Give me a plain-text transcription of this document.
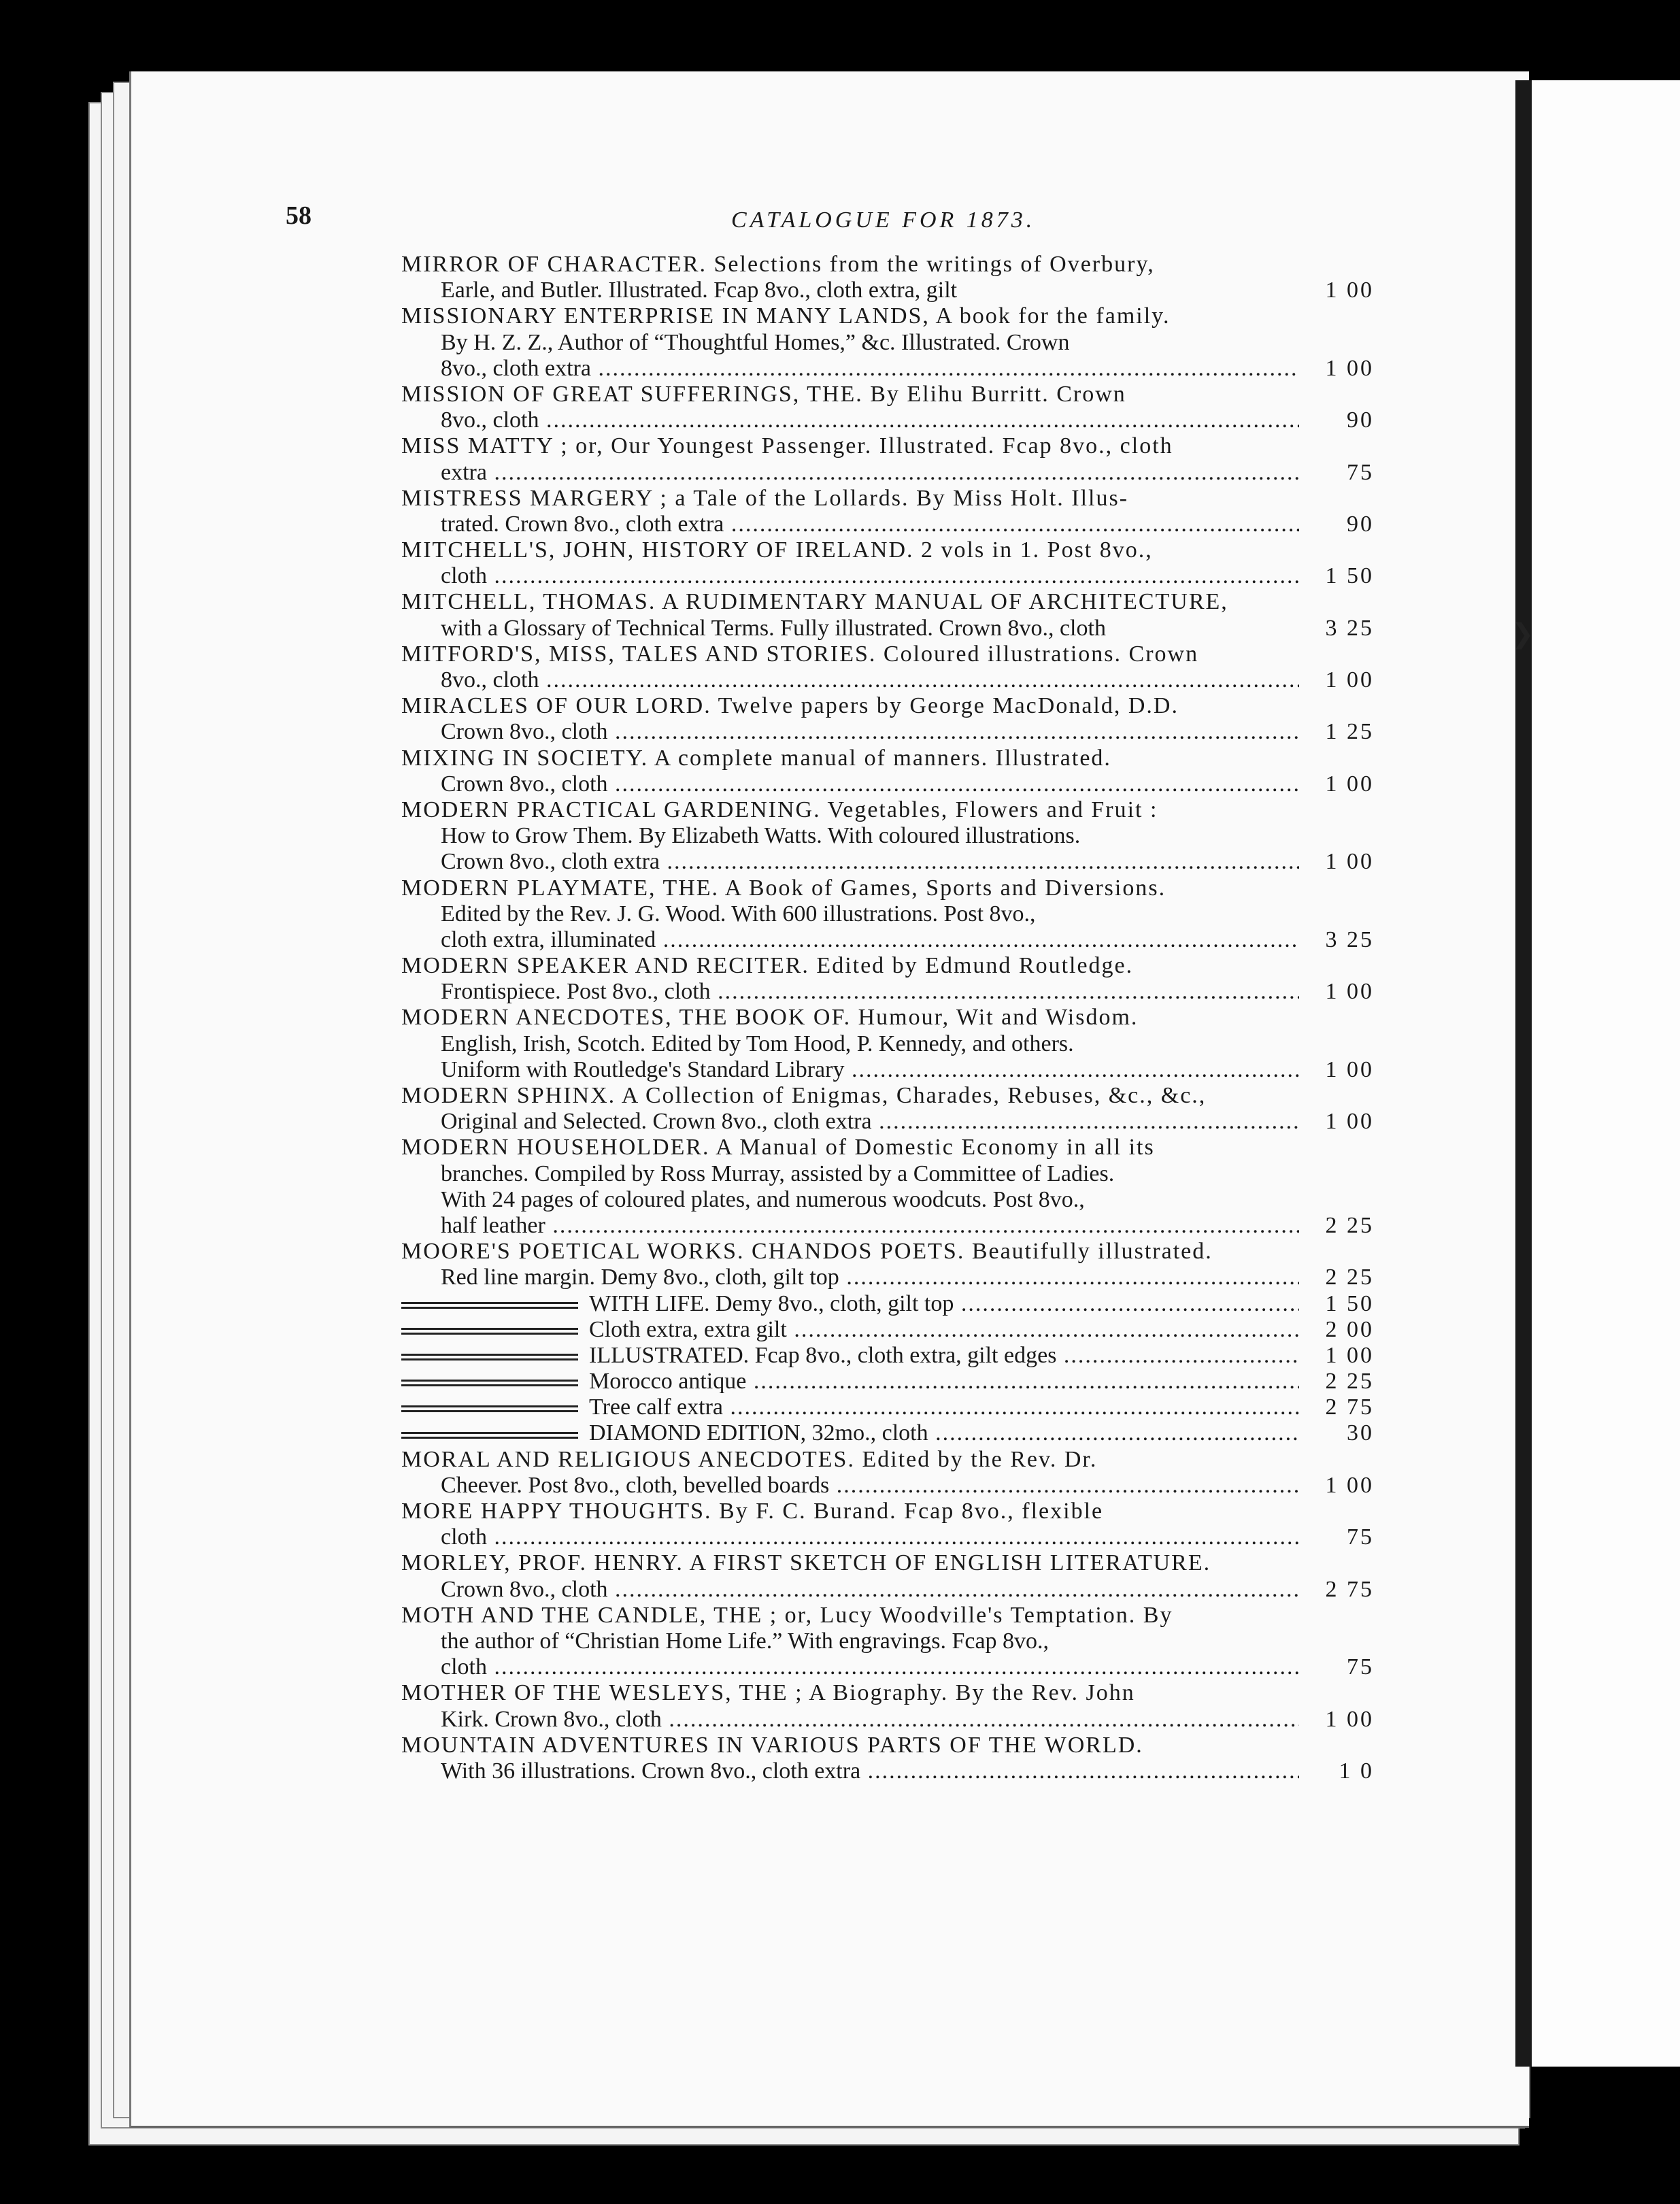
❯
58	CATALOGUE FOR 1873.
MIRROR OF CHARACTER. Selections from the writings of Overbury,
Earle, and Butler. Illustrated. Fcap 8vo., cloth extra, gilt
MISSIONARY ENTERPRISE IN MANY LANDS, A book for the family.
By H. Z. Z., Author of “Thoughtful Homes,” &c. Illustrated. Crown
8vo., cloth extra .....
MISSION OF GREAT SUFFERINGS, THE. By Elihu Burritt. Crown
8vo., cloth .....
MISS MATTY ; or, Our Youngest Passenger. Illustrated. Fcap 8vo., cloth
extra .....
MISTRESS MARGERY ; a Tale of the Lollards. By Miss Holt. Illus-
trated. Crown 8vo., cloth extra .....
MITCHELL'S, JOHN, HISTORY OF IRELAND. 2 vols in 1. Post 8vo.,
cloth .....
MITCHELL, THOMAS. A RUDIMENTARY MANUAL OF ARCHITECTURE,
with a Glossary of Technical Terms. Fully illustrated. Crown 8vo., cloth
MITFORD'S, MISS, TALES AND STORIES. Coloured illustrations. Crown
8vo., cloth .....
MIRACLES OF OUR LORD. Twelve papers by George MacDonald, D.D.
Crown 8vo., cloth .....
MIXING IN SOCIETY. A complete manual of manners. Illustrated.
Crown 8vo., cloth .....
MODERN PRACTICAL GARDENING. Vegetables, Flowers and Fruit :
How to Grow Them. By Elizabeth Watts. With coloured illustrations.
Crown 8vo., cloth extra .....
MODERN PLAYMATE, THE. A Book of Games, Sports and Diversions.
Edited by the Rev. J. G. Wood. With 600 illustrations. Post 8vo.,
cloth extra, illuminated .....
MODERN SPEAKER AND RECITER. Edited by Edmund Routledge.
Frontispiece. Post 8vo., cloth .....
MODERN ANECDOTES, THE BOOK OF. Humour, Wit and Wisdom.
English, Irish, Scotch. Edited by Tom Hood, P. Kennedy, and others.
Uniform with Routledge's Standard Library .....
MODERN SPHINX. A Collection of Enigmas, Charades, Rebuses, &c., &c.,
Original and Selected. Crown 8vo., cloth extra .....
MODERN HOUSEHOLDER. A Manual of Domestic Economy in all its
branches. Compiled by Ross Murray, assisted by a Committee of Ladies.
With 24 pages of coloured plates, and numerous woodcuts. Post 8vo.,
half leather .....
MOORE'S POETICAL WORKS. CHANDOS POETS. Beautifully illustrated.
Red line margin. Demy 8vo., cloth, gilt top .....
WITH LIFE. Demy 8vo., cloth, gilt top .....
Cloth extra, extra gilt .....
ILLUSTRATED. Fcap 8vo., cloth extra, gilt edges .....
Morocco antique .....
Tree calf extra .....
DIAMOND EDITION, 32mo., cloth .....
MORAL AND RELIGIOUS ANECDOTES. Edited by the Rev. Dr.
Cheever. Post 8vo., cloth, bevelled boards .....
MORE HAPPY THOUGHTS. By F. C. Burand. Fcap 8vo., flexible
cloth .....
MORLEY, PROF. HENRY. A FIRST SKETCH OF ENGLISH LITERATURE.
Crown 8vo., cloth .....
MOTH AND THE CANDLE, THE ; or, Lucy Woodville's Temptation. By
the author of “Christian Home Life.” With engravings. Fcap 8vo.,
cloth .....
MOTHER OF THE WESLEYS, THE ; A Biography. By the Rev. John
Kirk. Crown 8vo., cloth .....
MOUNTAIN ADVENTURES IN VARIOUS PARTS OF THE WORLD.
With 36 illustrations. Crown 8vo., cloth extra .....
1 00
1 00
90
75
90
1 50
3 25
1 00
1 25
1 00
1 00
3 25
1 00
1 00
1 00
2 25
2 25
1 50
2 00
1 00
2 25
2 75
30
1 00
75
2 75
75
1 00
1 0
